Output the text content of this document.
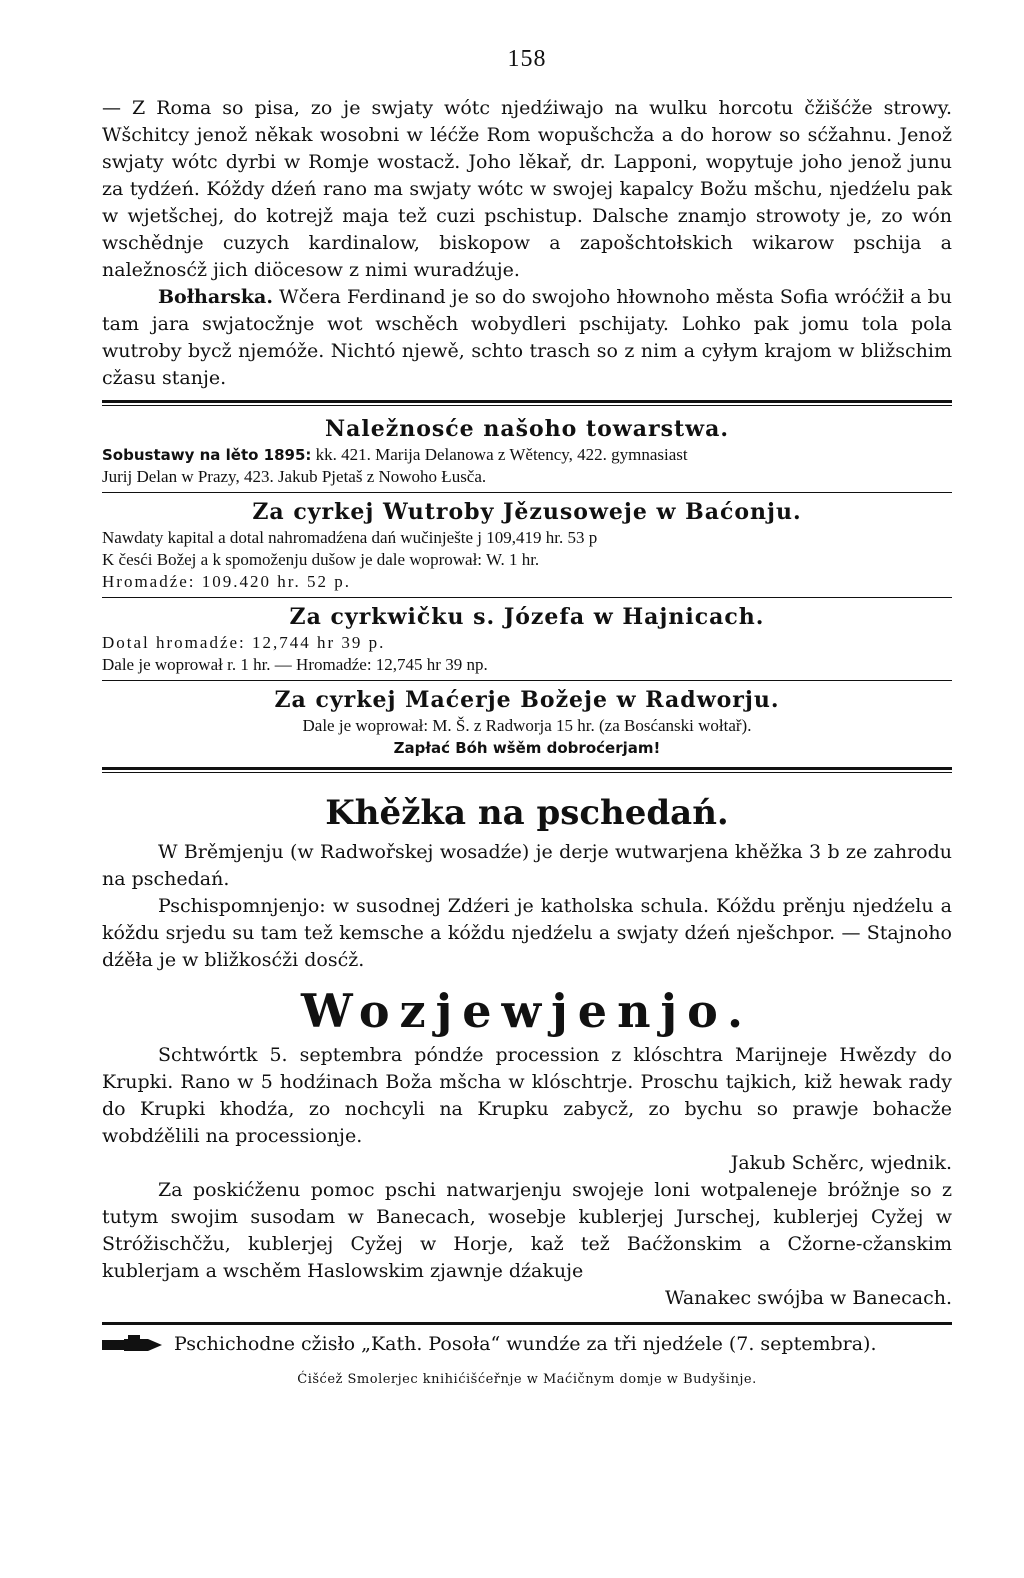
158

— Z Roma so pisa, zo je swjaty wótc njedźiwajo na wulku horcotu čžišćže strowy. Wšchitcy jenož někak wosobni w léćže Rom wopušchcža a do horow so sćžahnu. Jenož swjaty wótc dyrbi w Romje wostacž. Joho lěkař, dr. Lapponi, wopytuje joho jenož junu za tydźeń. Kóždy dźeń rano ma swjaty wótc w swojej kapalcy Božu mšchu, njedźelu pak w wjetšchej, do kotrejž maja tež cuzi pschistup. Dalsche znamjo strowoty je, zo wón wschědnje cuzych kardinalow, biskopow a zapošchtołskich wikarow pschija a naležnosćž jich diöcesow z nimi wuradźuje.

Bołharska. Wčera Ferdinand je so do swojoho hłownoho města Sofia wróćžił a bu tam jara swjatocžnje wot wschěch wobydleri pschijaty. Lohko pak jomu tola pola wutroby bycž njemóže. Nichtó njewě, schto trasch so z nim a cyłym krajom w bližschim cžasu stanje.

Naležnosće našoho towarstwa.

Sobustawy na lěto 1895: kk. 421. Marija Delanowa z Wětency, 422. gymnasiast

Jurij Delan w Prazy, 423. Jakub Pjetaš z Nowoho Łusča.

Za cyrkej Wutroby Jězusoweje w Baćonju.

Nawdaty kapital a dotal nahromadźena dań wučinješte j 109,419 hr. 53 p

K česći Božej a k spomoženju dušow je dale woprował: W. 1 hr.

Hromadźe: 109.420 hr. 52 p.

Za cyrkwičku s. Józefa w Hajnicach.

Dotal hromadźe: 12,744 hr 39 p.

Dale je woprował r. 1 hr. — Hromadźe: 12,745 hr 39 np.

Za cyrkej Maćerje Božeje w Radworju.

Dale je woprował: M. Š. z Radworja 15 hr. (za Bosćanski wołtař).

Zapłać Bóh wšěm dobroćerjam!

Khěžka na pschedań.

W Brěmjenju (w Radwořskej wosadźe) je derje wutwarjena khěžka 3 b ze zahrodu na pschedań.

Pschispomnjenjo: w susodnej Zdźeri je katholska schula. Kóždu prěnju njedźelu a kóždu srjedu su tam tež kemsche a kóždu njedźelu a swjaty dźeń nješchpor. — Stajnoho dźěła je w bližkosćži dosćž.

Wozjewjenjo.

Schtwórtk 5. septembra póndźe procession z klóschtra Marijneje Hwězdy do Krupki. Rano w 5 hodźinach Boža mšcha w klóschtrje. Proschu tajkich, kiž hewak rady do Krupki khodźa, zo nochcyli na Krupku zabycž, zo bychu so prawje bohacže wobdźělili na processionje.

Jakub Schěrc, wjednik.

Za poskićženu pomoc pschi natwarjenju swojeje loni wotpaleneje bróžnje so z tutym swojim susodam w Banecach, wosebje kublerjej Jurschej, kublerjej Cyžej w Stróžischčžu, kublerjej Cyžej w Horje, kaž tež Baćžonskim a Cžorne-cžanskim kublerjam a wschěm Haslowskim zjawnje dźakuje

Wanakec swójba w Banecach.

Pschichodne cžisło „Kath. Posoła“ wundźe za tři njedźele (7. septembra).
Ćišćež Smolerjec knihićišćeřnje w Maćičnym domje w Budyšinje.
